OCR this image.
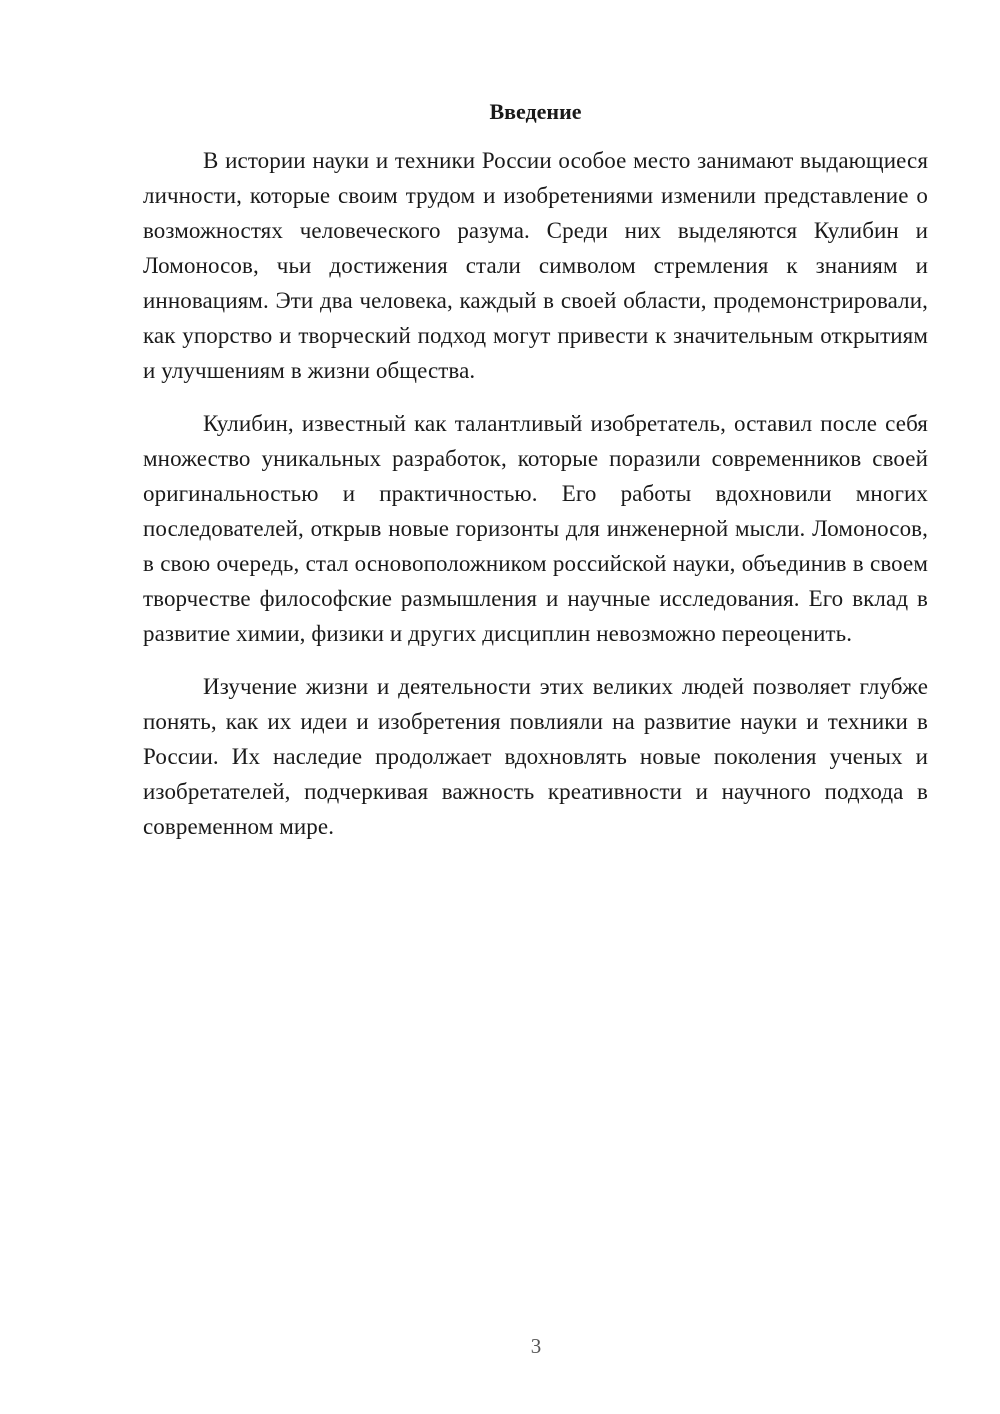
Введение

В истории науки и техники России особое место занимают выдающиеся личности, которые своим трудом и изобретениями изменили представление о возможностях человеческого разума. Среди них выделяются Кулибин и Ломоносов, чьи достижения стали символом стремления к знаниям и инновациям. Эти два человека, каждый в своей области, продемонстрировали, как упорство и творческий подход могут привести к значительным открытиям и улучшениям в жизни общества.

Кулибин, известный как талантливый изобретатель, оставил после себя множество уникальных разработок, которые поразили современников своей оригинальностью и практичностью. Его работы вдохновили многих последователей, открыв новые горизонты для инженерной мысли. Ломоносов, в свою очередь, стал основоположником российской науки, объединив в своем творчестве философские размышления и научные исследования. Его вклад в развитие химии, физики и других дисциплин невозможно переоценить.

Изучение жизни и деятельности этих великих людей позволяет глубже понять, как их идеи и изобретения повлияли на развитие науки и техники в России. Их наследие продолжает вдохновлять новые поколения ученых и изобретателей, подчеркивая важность креативности и научного подхода в современном мире.

3
